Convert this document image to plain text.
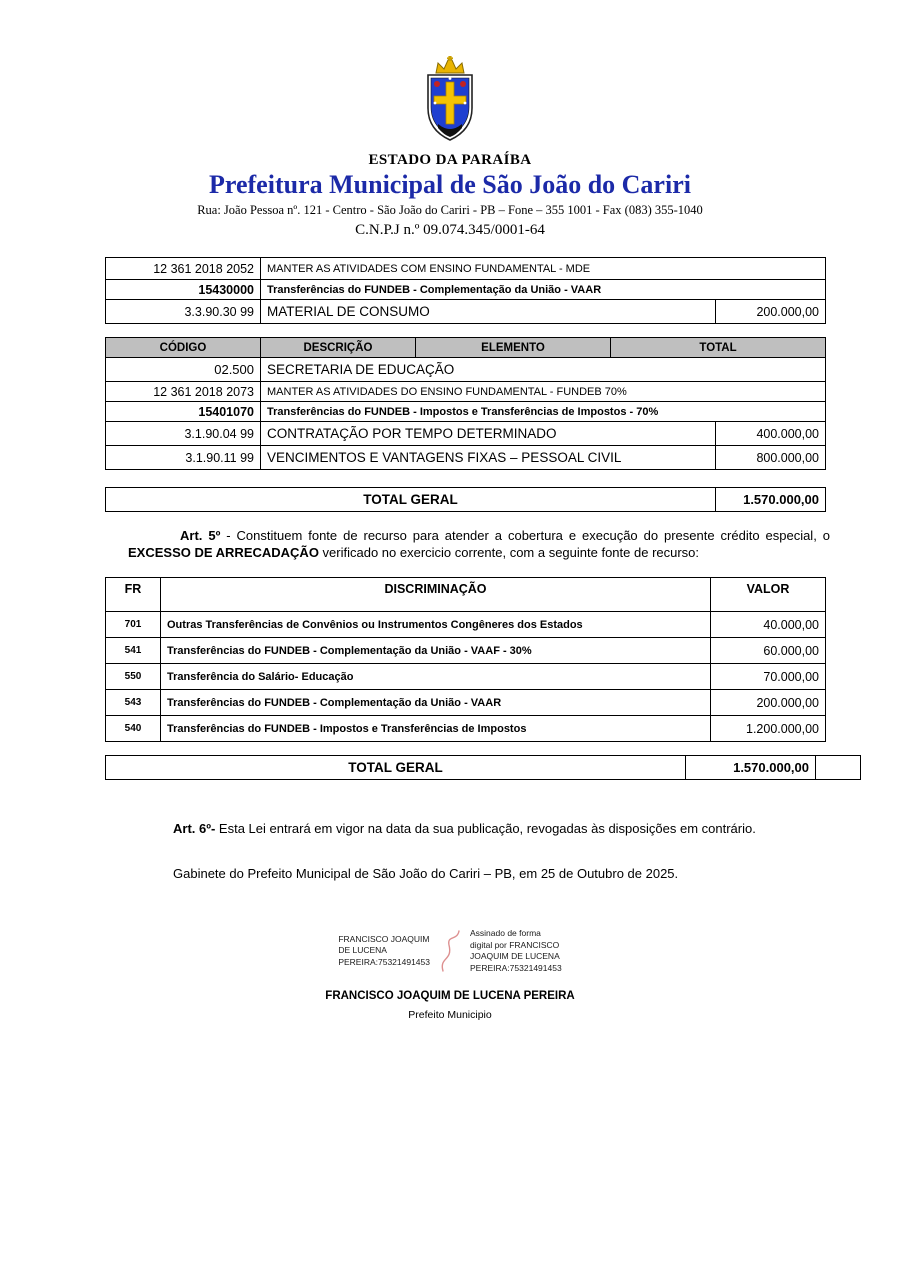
ESTADO DA PARAÍBA
Prefeitura Municipal de São João do Cariri
Rua: João Pessoa nº. 121 - Centro - São João do Cariri - PB – Fone – 355 1001 - Fax (083) 355-1040
C.N.P.J n.º 09.074.345/0001-64
12 361 2018 2052	MANTER AS ATIVIDADES COM ENSINO FUNDAMENTAL - MDE	
15430000	Transferências do FUNDEB - Complementação da União - VAAR	
3.3.90.30 99	MATERIAL DE CONSUMO	200.000,00
CÓDIGO	DESCRIÇÃO	ELEMENTO	TOTAL	
02.500	SECRETARIA DE EDUCAÇÃO			
12 361 2018 2073	MANTER AS ATIVIDADES DO ENSINO FUNDAMENTAL - FUNDEB 70%			
15401070	Transferências do FUNDEB - Impostos e Transferências de Impostos - 70%			
3.1.90.04 99	CONTRATAÇÃO POR TEMPO DETERMINADO			400.000,00
3.1.90.11 99	VENCIMENTOS E VANTAGENS FIXAS – PESSOAL CIVIL			800.000,00
TOTAL GERAL	1.570.000,00

Art. 5º - Constituem fonte de recurso para atender a cobertura e execução do presente crédito especial, o EXCESSO DE ARRECADAÇÃO verificado no exercicio corrente, com a seguinte fonte de recurso:

FR	DISCRIMINAÇÃO	VALOR
701	Outras Transferências de Convênios ou Instrumentos Congêneres dos Estados	40.000,00
541	Transferências do FUNDEB - Complementação da União - VAAF - 30%	60.000,00
550	Transferência do Salário- Educação	70.000,00
543	Transferências do FUNDEB - Complementação da União - VAAR	200.000,00
540	Transferências do FUNDEB - Impostos e Transferências de Impostos	1.200.000,00
TOTAL GERAL	1.570.000,00	

Art. 6º- Esta Lei entrará em vigor na data da sua publicação, revogadas às disposições em contrário.

Gabinete do Prefeito Municipal de São João do Cariri – PB, em 25 de Outubro de 2025.

FRANCISCO JOAQUIM
DE LUCENA
PEREIRA:75321491453
Assinado de forma
digital por FRANCISCO
JOAQUIM DE LUCENA
PEREIRA:75321491453
FRANCISCO JOAQUIM DE LUCENA PEREIRA
Prefeito Municipio
